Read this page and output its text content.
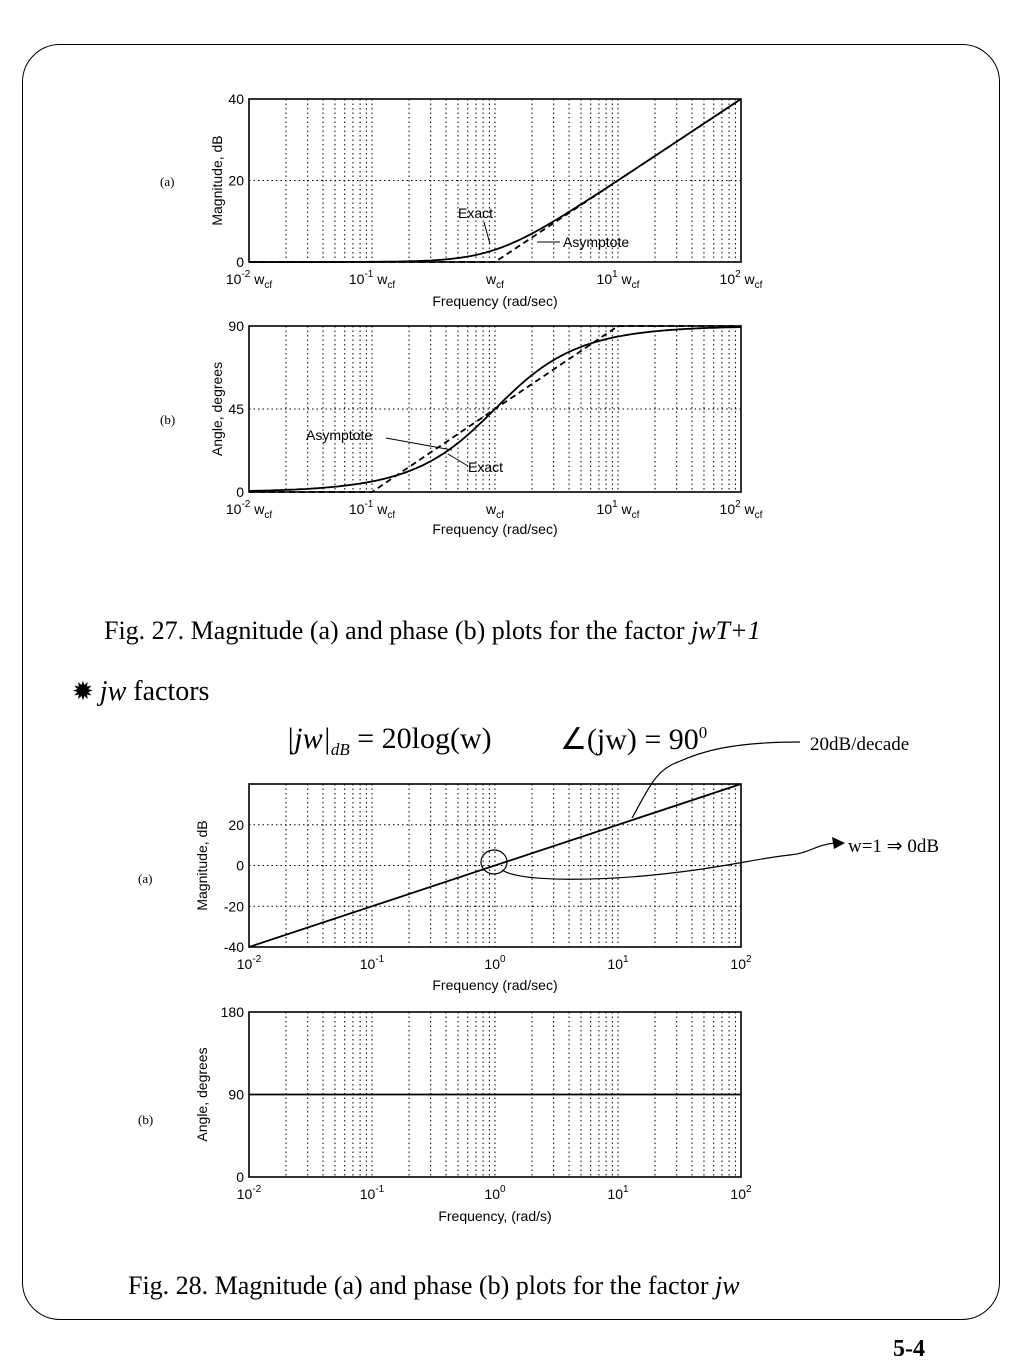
0
20
40
$10^{-2}$ $w_{cf}$	$10^{-1}$ $w_{cf}$	$w_{cf}$	$10^1$ $w_{cf}$	$10^2$ $w_{cf}$
Frequency (rad/sec)
Magnitude, dB
(a)
Exact
Asymptote
0
45
90
$10^{-2}$ $w_{cf}$	$10^{-1}$ $w_{cf}$	$w_{cf}$	$10^1$ $w_{cf}$	$10^2$ $w_{cf}$
Frequency (rad/sec)
Angle, degrees
(b)
Asymptote
Exact
-40
-20
0
20
$10^{-2}$	$10^{-1}$	$10^0$	$10^1$	$10^2$
Frequency (rad/sec)
Magnitude, dB
(a)
0
90
180
$10^{-2}$	$10^{-1}$	$10^0$	$10^1$	$10^2$
Frequency, (rad/s)
Angle, degrees
(b)
Fig. 27. Magnitude (a) and phase (b) plots for the factor jwT+1
✹ jw factors
$|jw|_{dB} = 20\log(w)$ ∠(jw) = $90^0$
20dB/decade
w=1 ⇒ 0dB
Fig. 28. Magnitude (a) and phase (b) plots for the factor jw
5-4
